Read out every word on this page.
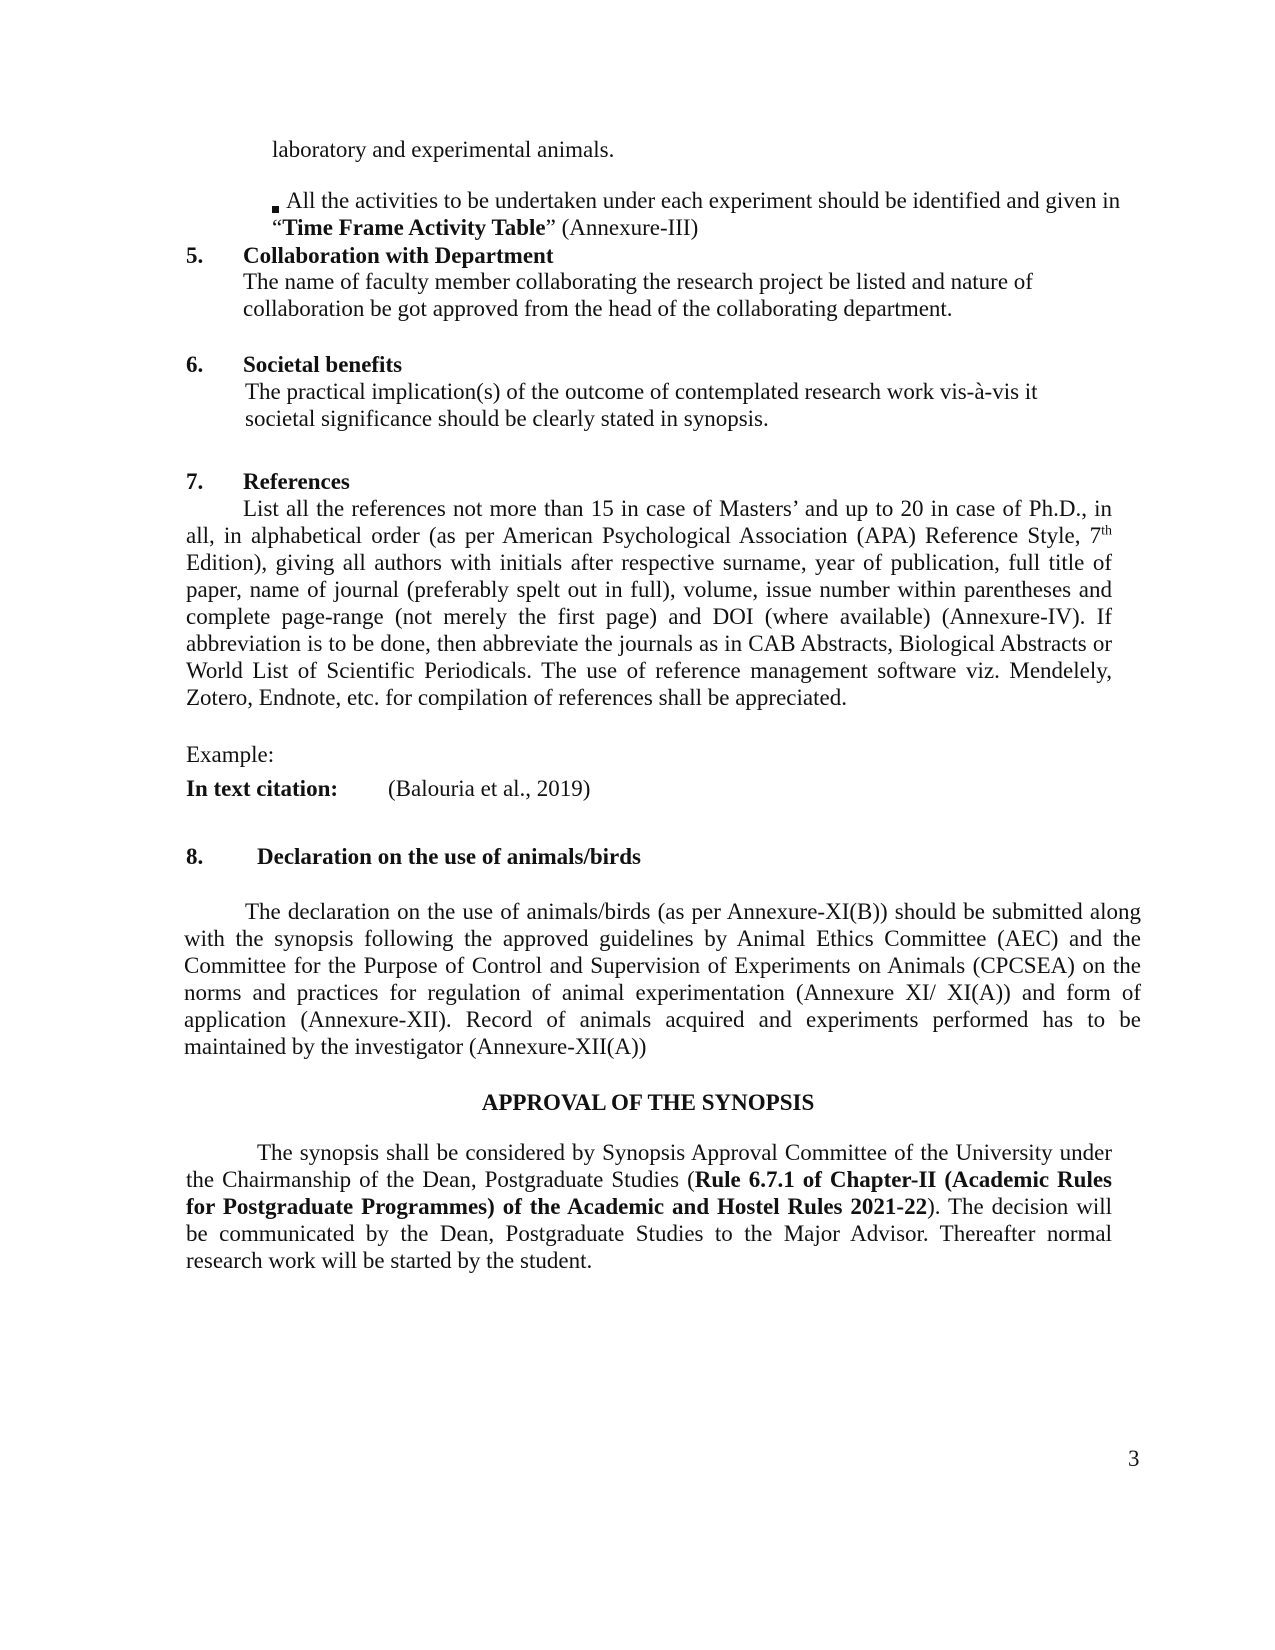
laboratory and experimental animals.
All the activities to be undertaken under each experiment should be identified and given in
“Time Frame Activity Table” (Annexure-III)
5. Collaboration with Department
The name of faculty member collaborating the research project be listed and nature of collaboration be got approved from the head of the collaborating department.
6. Societal benefits
The practical implication(s) of the outcome of contemplated research work vis-à-vis it societal significance should be clearly stated in synopsis.
7. References
List all the references not more than 15 in case of Masters’ and up to 20 in case of Ph.D., in all, in alphabetical order (as per American Psychological Association (APA) Reference Style, 7th Edition), giving all authors with initials after respective surname, year of publication, full title of paper, name of journal (preferably spelt out in full), volume, issue number within parentheses and complete page-range (not merely the first page) and DOI (where available) (Annexure-IV). If abbreviation is to be done, then abbreviate the journals as in CAB Abstracts, Biological Abstracts or World List of Scientific Periodicals. The use of reference management software viz. Mendelely, Zotero, Endnote, etc. for compilation of references shall be appreciated.
Example:
In text citation: (Balouria et al., 2019)
8. Declaration on the use of animals/birds
The declaration on the use of animals/birds (as per Annexure-XI(B)) should be submitted along with the synopsis following the approved guidelines by Animal Ethics Committee (AEC) and the Committee for the Purpose of Control and Supervision of Experiments on Animals (CPCSEA) on the norms and practices for regulation of animal experimentation (Annexure XI/ XI(A)) and form of application (Annexure-XII). Record of animals acquired and experiments performed has to be maintained by the investigator (Annexure-XII(A))
APPROVAL OF THE SYNOPSIS
The synopsis shall be considered by Synopsis Approval Committee of the University under the Chairmanship of the Dean, Postgraduate Studies (Rule 6.7.1 of Chapter-II (Academic Rules for Postgraduate Programmes) of the Academic and Hostel Rules 2021-22). The decision will be communicated by the Dean, Postgraduate Studies to the Major Advisor. Thereafter normal research work will be started by the student.
3
